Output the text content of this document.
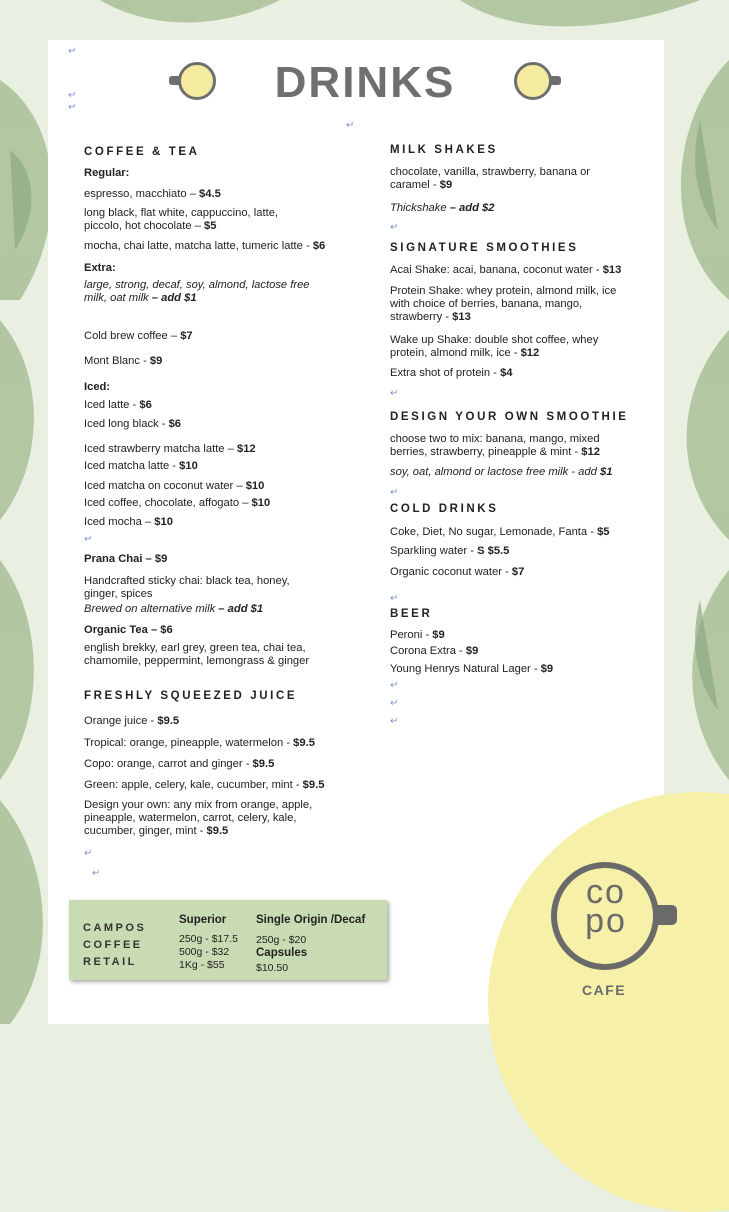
DRINKS
COFFEE & TEA
Regular:
espresso, macchiato – $4.5
long black, flat white, cappuccino, latte,
piccolo, hot chocolate – $5
mocha, chai latte, matcha latte, tumeric latte - $6
Extra:
large, strong, decaf, soy, almond, lactose free
milk, oat milk – add $1
Cold brew coffee – $7
Mont Blanc - $9
Iced:
Iced latte - $6
Iced long black - $6
Iced strawberry matcha latte – $12
Iced matcha latte - $10
Iced matcha on coconut water – $10
Iced coffee, chocolate, affogato – $10
Iced mocha – $10
Prana Chai – $9
Handcrafted sticky chai: black tea, honey,
ginger, spices
Brewed on alternative milk – add $1
Organic Tea – $6
english brekky, earl grey, green tea, chai tea,
chamomile, peppermint, lemongrass & ginger
FRESHLY SQUEEZED JUICE
Orange juice - $9.5
Tropical: orange, pineapple, watermelon - $9.5
Copo: orange, carrot and ginger - $9.5
Green: apple, celery, kale, cucumber, mint - $9.5
Design your own: any mix from orange, apple,
pineapple, watermelon, carrot, celery, kale,
cucumber, ginger, mint - $9.5
MILK SHAKES
chocolate, vanilla, strawberry, banana or
caramel - $9
Thickshake – add $2
SIGNATURE SMOOTHIES
Acai Shake: acai, banana, coconut water - $13
Protein Shake: whey protein, almond milk, ice
with choice of berries, banana, mango,
strawberry - $13
Wake up Shake: double shot coffee, whey
protein, almond milk, ice - $12
Extra shot of protein - $4
DESIGN YOUR OWN SMOOTHIE
choose two to mix: banana, mango, mixed
berries, strawberry, pineapple & mint - $12
soy, oat, almond or lactose free milk - add $1
COLD DRINKS
Coke, Diet, No sugar, Lemonade, Fanta - $5
Sparkling water - S $5.5
Organic coconut water - $7
BEER
Peroni - $9
Corona Extra - $9
Young Henrys Natural Lager - $9
↵
↵
↵
↵
↵
↵
↵
↵
↵
↵
↵
↵
↵
↵
CAMPOS
COFFEE
RETAIL
Superior
250g - $17.5
500g - $32
1Kg - $55
Single Origin /Decaf
250g - $20
Capsules
$10.50
co
po
CAFE
